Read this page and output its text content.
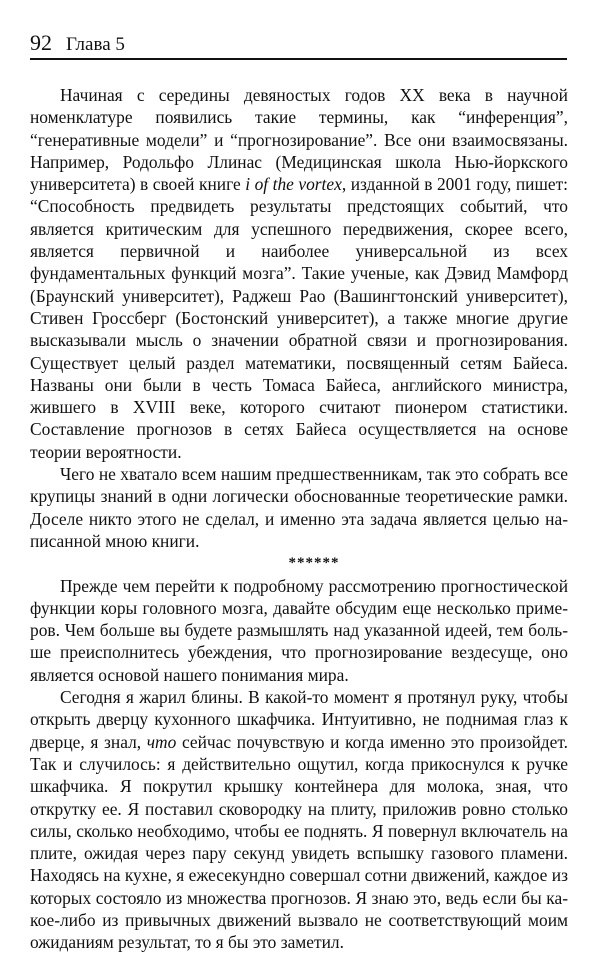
92 Глава 5

Начиная с середины девяностых годов XX века в научной номенклатуре появились такие термины, как “инференция”, “генеративные модели” и “прогнозирование”. Все они взаимосвязаны. Например, Родольфо Ллинас (Медицинская школа Нью-йоркского университета) в своей книге i of the vortex, изданной в 2001 году, пишет: “Способность предвидеть результаты предстоящих событий, что является критическим для успешного передвижения, скорее всего, является первичной и наиболее универсальной из всех фундаментальных функций мозга”. Такие ученые, как Дэвид Мамфорд (Браунский университет), Раджеш Рао (Вашингтонский университет), Стивен Гроссберг (Бостонский университет), а также многие другие высказывали мысль о значении обратной связи и прогнозирования. Существует целый раздел математики, посвященный сетям Байеса. Названы они были в честь Томаса Байеса, английского министра, жившего в XVIII веке, которого считают пионером статистики. Составление прогнозов в сетях Байеса осуществляется на основе теории вероятности.

Чего не хватало всем нашим предшественникам, так это собрать все крупицы знаний в одни логически обоснованные теоретические рамки. Доселе никто этого не сделал, и именно эта задача является целью написанной мною книги.

******

Прежде чем перейти к подробному рассмотрению прогностической функции коры головного мозга, давайте обсудим еще несколько примеров. Чем больше вы будете размышлять над указанной идеей, тем больше преисполнитесь убеждения, что прогнозирование вездесуще, оно является основой нашего понимания мира.

Сегодня я жарил блины. В какой-то момент я протянул руку, чтобы открыть дверцу кухонного шкафчика. Интуитивно, не поднимая глаз к дверце, я знал, что сейчас почувствую и когда именно это произойдет. Так и случилось: я действительно ощутил, когда прикоснулся к ручке шкафчика. Я покрутил крышку контейнера для молока, зная, что открутку ее. Я поставил сковородку на плиту, приложив ровно столько силы, сколько необходимо, чтобы ее поднять. Я повернул включатель на плите, ожидая через пару секунд увидеть вспышку газового пламени. Находясь на кухне, я ежесекундно совершал сотни движений, каждое из которых состояло из множества прогнозов. Я знаю это, ведь если бы какое-либо из привычных движений вызвало не соответствующий моим ожиданиям результат, то я бы это заметил.
